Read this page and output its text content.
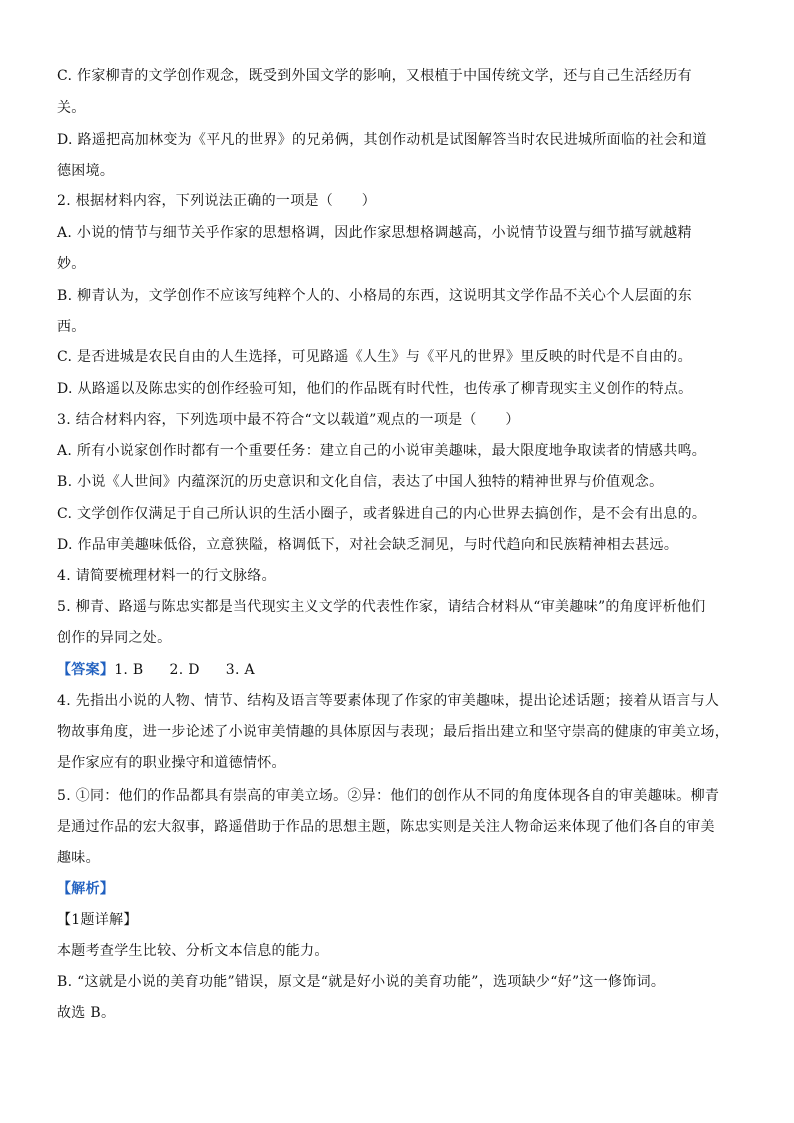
C. 作家柳青的文学创作观念，既受到外国文学的影响，又根植于中国传统文学，还与自己生活经历有
关。
D. 路遥把高加林变为《平凡的世界》的兄弟俩，其创作动机是试图解答当时农民进城所面临的社会和道
德困境。
2. 根据材料内容，下列说法正确的一项是（　　）
A. 小说的情节与细节关乎作家的思想格调，因此作家思想格调越高，小说情节设置与细节描写就越精
妙。
B. 柳青认为，文学创作不应该写纯粹个人的、小格局的东西，这说明其文学作品不关心个人层面的东
西。
C. 是否进城是农民自由的人生选择，可见路遥《人生》与《平凡的世界》里反映的时代是不自由的。
D. 从路遥以及陈忠实的创作经验可知，他们的作品既有时代性，也传承了柳青现实主义创作的特点。
3. 结合材料内容，下列选项中最不符合“文以载道”观点的一项是（　　）
A. 所有小说家创作时都有一个重要任务：建立自己的小说审美趣味，最大限度地争取读者的情感共鸣。
B. 小说《人世间》内蕴深沉的历史意识和文化自信，表达了中国人独特的精神世界与价值观念。
C. 文学创作仅满足于自己所认识的生活小圈子，或者躲进自己的内心世界去搞创作，是不会有出息的。
D. 作品审美趣味低俗，立意狭隘，格调低下，对社会缺乏洞见，与时代趋向和民族精神相去甚远。
4. 请简要梳理材料一的行文脉络。
5. 柳青、路遥与陈忠实都是当代现实主义文学的代表性作家，请结合材料从“审美趣味”的角度评析他们
创作的异同之处。
【答案】1. B 2. D 3. A
4. 先指出小说的人物、情节、结构及语言等要素体现了作家的审美趣味，提出论述话题；接着从语言与人
物故事角度，进一步论述了小说审美情趣的具体原因与表现；最后指出建立和坚守崇高的健康的审美立场，
是作家应有的职业操守和道德情怀。
5. ①同：他们的作品都具有崇高的审美立场。②异：他们的创作从不同的角度体现各自的审美趣味。柳青
是通过作品的宏大叙事，路遥借助于作品的思想主题，陈忠实则是关注人物命运来体现了他们各自的审美
趣味。
【解析】
【1题详解】
本题考查学生比较、分析文本信息的能力。
B. “这就是小说的美育功能”错误，原文是“就是好小说的美育功能”，选项缺少“好”这一修饰词。
故选 B。
